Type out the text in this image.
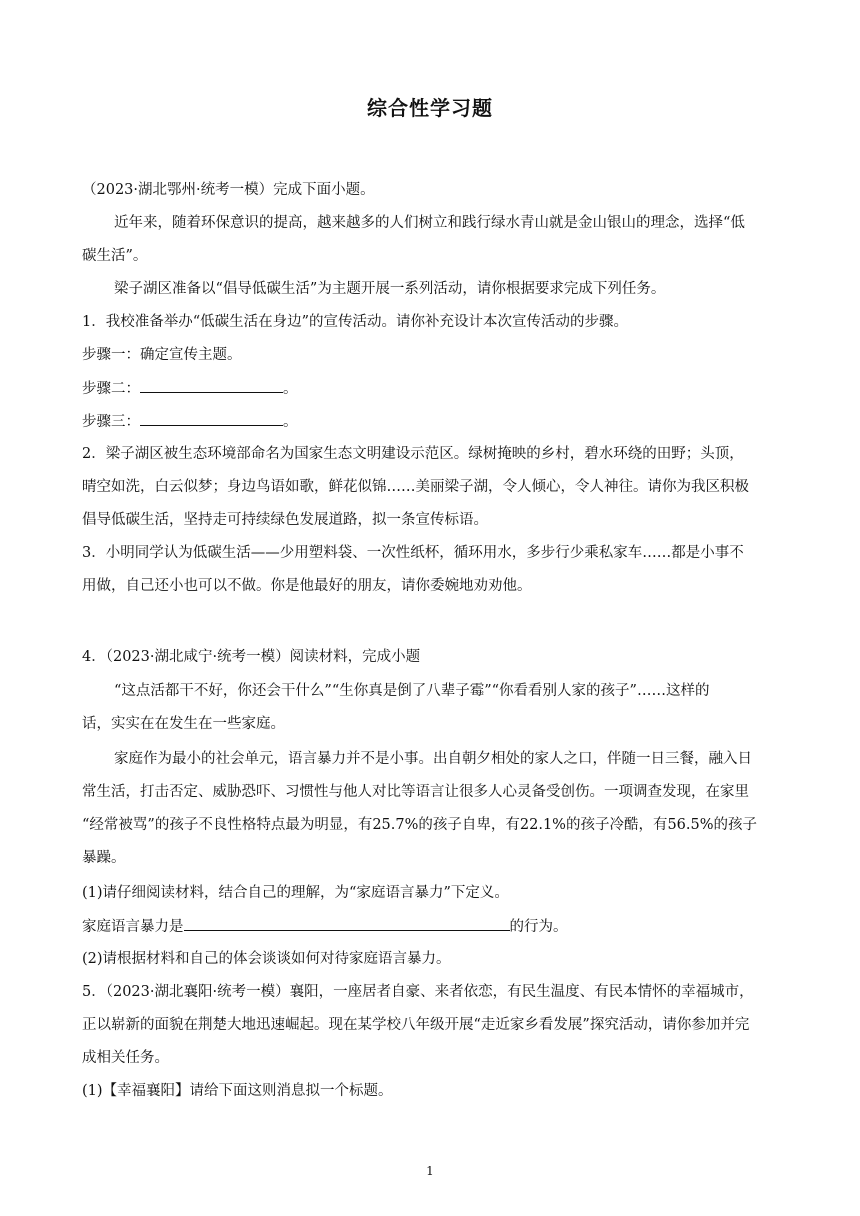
综合性学习题
（2023·湖北鄂州·统考一模）完成下面小题。
近年来，随着环保意识的提高，越来越多的人们树立和践行绿水青山就是金山银山的理念，选择“低
碳生活”。
梁子湖区准备以“倡导低碳生活”为主题开展一系列活动，请你根据要求完成下列任务。
1．我校准备举办“低碳生活在身边”的宣传活动。请你补充设计本次宣传活动的步骤。
步骤一：确定宣传主题。
步骤二：	。
步骤三：	。
2．梁子湖区被生态环境部命名为国家生态文明建设示范区。绿树掩映的乡村，碧水环绕的田野；头顶，
晴空如洗，白云似梦；身边鸟语如歌，鲜花似锦……美丽梁子湖，令人倾心，令人神往。请你为我区积极
倡导低碳生活，坚持走可持续绿色发展道路，拟一条宣传标语。
3．小明同学认为低碳生活——少用塑料袋、一次性纸杯，循环用水，多步行少乘私家车……都是小事不
用做，自己还小也可以不做。你是他最好的朋友，请你委婉地劝劝他。
4．（2023·湖北咸宁·统考一模）阅读材料，完成小题
“这点活都干不好，你还会干什么”“生你真是倒了八辈子霉”“你看看别人家的孩子”……这样的
话，实实在在发生在一些家庭。
家庭作为最小的社会单元，语言暴力并不是小事。出自朝夕相处的家人之口，伴随一日三餐，融入日
常生活，打击否定、威胁恐吓、习惯性与他人对比等语言让很多人心灵备受创伤。一项调查发现，在家里
“经常被骂”的孩子不良性格特点最为明显，有25.7%的孩子自卑，有22.1%的孩子冷酷，有56.5%的孩子
暴躁。
(1)请仔细阅读材料，结合自己的理解，为“家庭语言暴力”下定义。
家庭语言暴力是	的行为。
(2)请根据材料和自己的体会谈谈如何对待家庭语言暴力。
5．（2023·湖北襄阳·统考一模）襄阳，一座居者自豪、来者依恋，有民生温度、有民本情怀的幸福城市，
正以崭新的面貌在荆楚大地迅速崛起。现在某学校八年级开展“走近家乡看发展”探究活动，请你参加并完
成相关任务。
(1)【幸福襄阳】请给下面这则消息拟一个标题。
1
